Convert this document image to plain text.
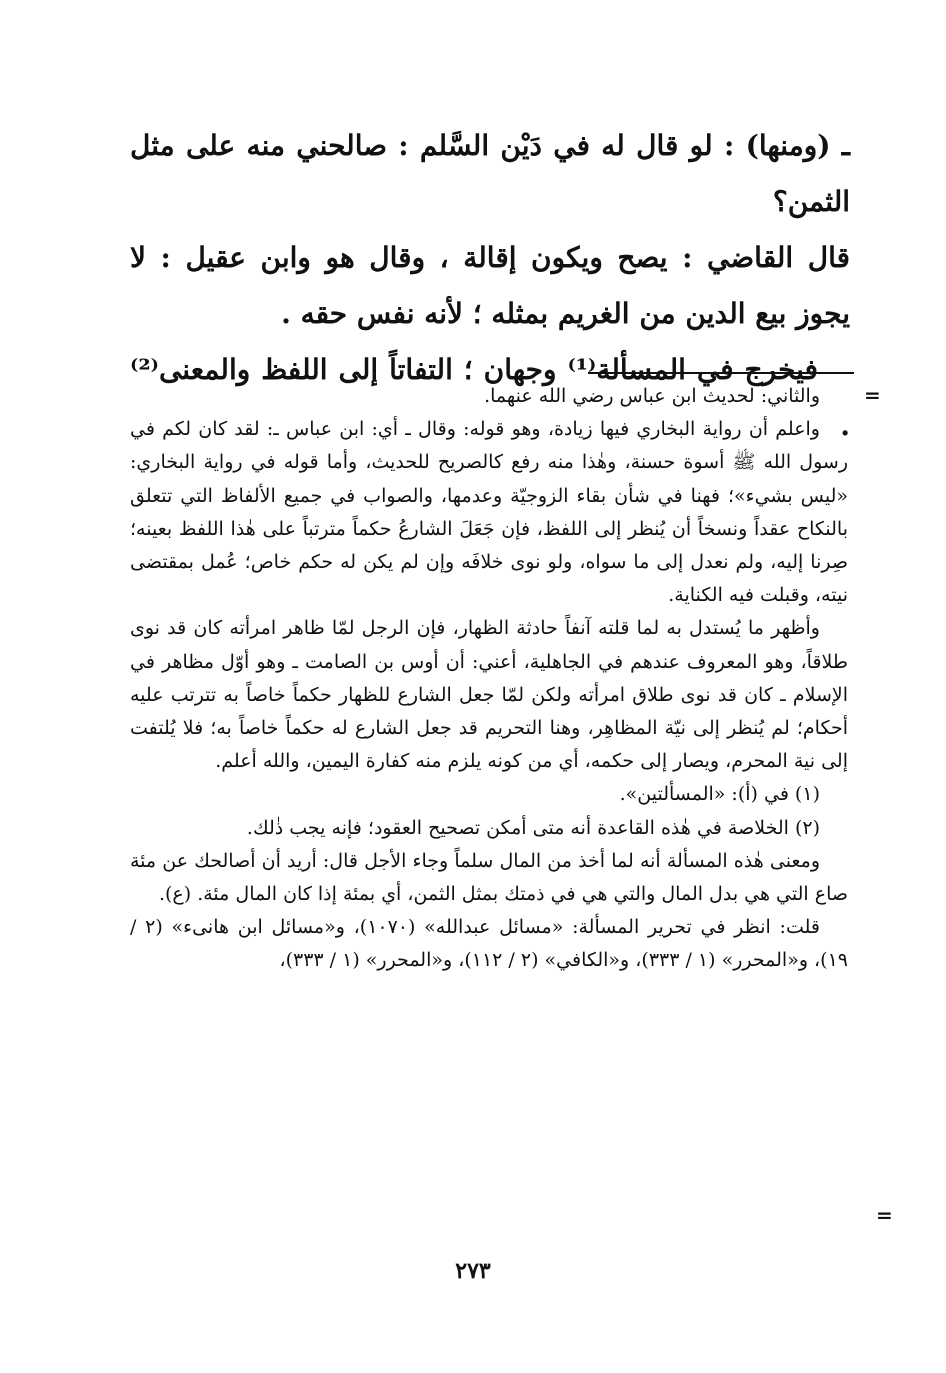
ـ (ومنها) : لو قال له في دَيْن السَّلم : صالحني منه على مثل الثمن؟

قال القاضي : يصح ويكون إقالة ، وقال هو وابن عقيل : لا يجوز بيع الدين من الغريم بمثله ؛ لأنه نفس حقه .

فيخرج في المسألة⁽¹⁾ وجهان ؛ التفاتاً إلى اللفظ والمعنى⁽²⁾ .

=

والثاني: لحديث ابن عباس رضي الله عنهما.

واعلم أن رواية البخاري فيها زيادة، وهو قوله: وقال ـ أي: ابن عباس ـ: لقد كان لكم في رسول الله ﷺ أسوة حسنة، وهٰذا منه رفع كالصريح للحديث، وأما قوله في رواية البخاري: «ليس بشيء»؛ فهنا في شأن بقاء الزوجيّة وعدمها، والصواب في جميع الألفاظ التي تتعلق بالنكاح عقداً ونسخاً أن يُنظر إلى اللفظ، فإن جَعَلَ الشارعُ حكماً مترتباً على هٰذا اللفظ بعينه؛ صِرنا إليه، ولم نعدل إلى ما سواه، ولو نوى خلافَه وإن لم يكن له حكم خاص؛ عُمل بمقتضى نيته، وقبلت فيه الكناية.

وأظهر ما يُستدل به لما قلته آنفاً حادثة الظهار، فإن الرجل لمّا ظاهر امرأته كان قد نوى طلاقاً، وهو المعروف عندهم في الجاهلية، أعني: أن أوس بن الصامت ـ وهو أوّل مظاهر في الإسلام ـ كان قد نوى طلاق امرأته ولكن لمّا جعل الشارع للظهار حكماً خاصاً به تترتب عليه أحكام؛ لم يُنظر إلى نيّة المظاهِر، وهنا التحريم قد جعل الشارع له حكماً خاصاً به؛ فلا يُلتفت إلى نية المحرم، ويصار إلى حكمه، أي من كونه يلزم منه كفارة اليمين، والله أعلم.

(١) في (أ): «المسألتين».

(٢) الخلاصة في هٰذه القاعدة أنه متى أمكن تصحيح العقود؛ فإنه يجب ذٰلك.

ومعنى هٰذه المسألة أنه لما أخذ من المال سلماً وجاء الأجل قال: أريد أن أصالحك عن مئة صاع التي هي بدل المال والتي هي في ذمتك بمثل الثمن، أي بمئة إذا كان المال مئة. (ع).

قلت: انظر في تحرير المسألة: «مسائل عبدالله» (١٠٧٠)، و«مسائل ابن هانىء» (٢ / ١٩)، و«المحرر» (١ / ٣٣٣)، و«الكافي» (٢ / ١١٢)، و«المحرر» (١ / ٣٣٣)،

=
٢٧٣
